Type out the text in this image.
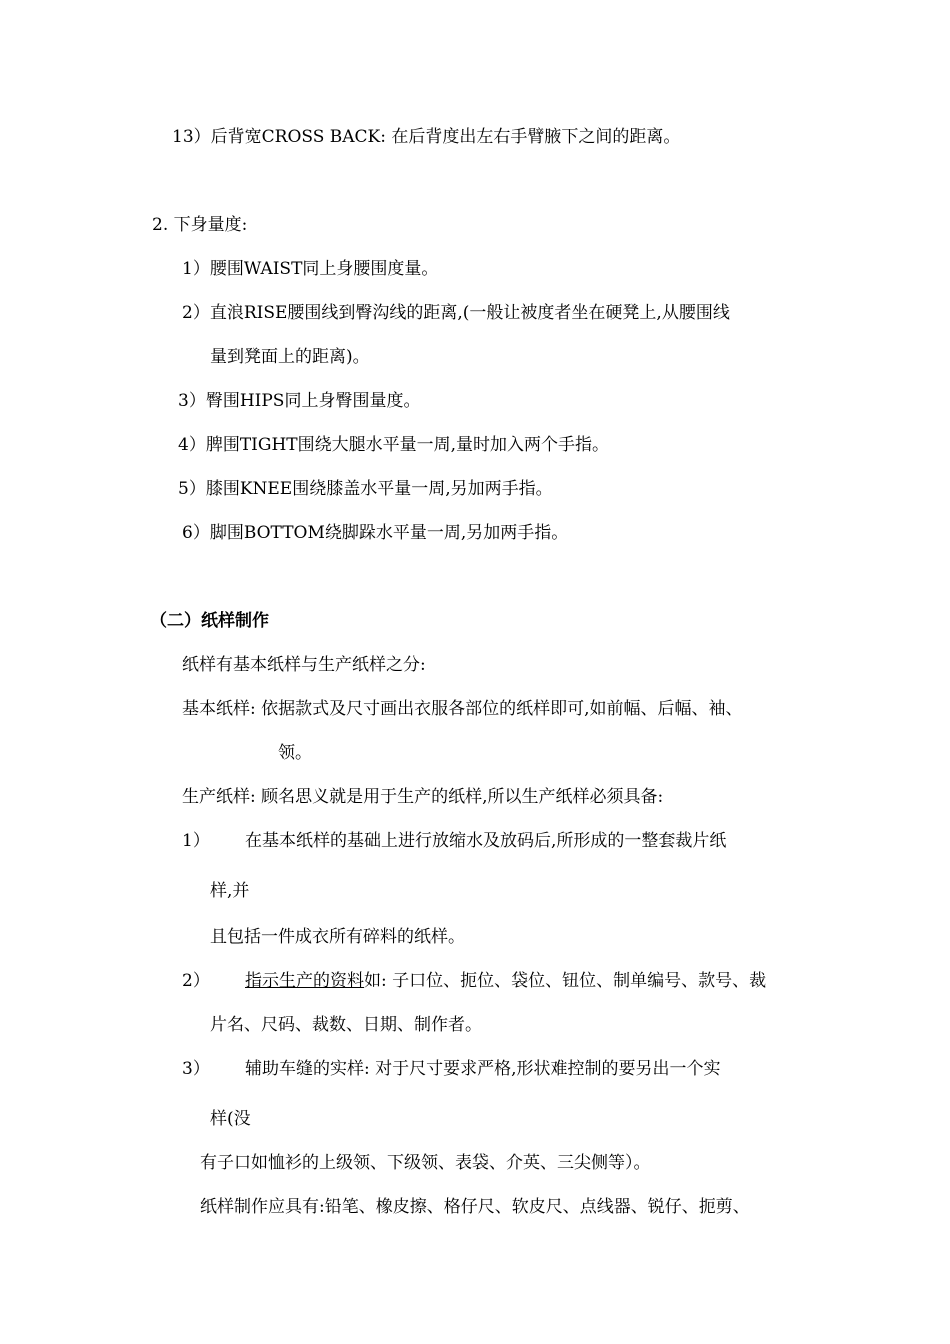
13）后背宽CROSS BACK: 在后背度出左右手臂腋下之间的距离。
2. 下身量度:
1）腰围WAIST同上身腰围度量。
2）直浪RISE腰围线到臀沟线的距离,(一般让被度者坐在硬凳上,从腰围线
量到凳面上的距离)。
3）臀围HIPS同上身臀围量度。
4）脾围TIGHT围绕大腿水平量一周,量时加入两个手指。
5）膝围KNEE围绕膝盖水平量一周,另加两手指。
6）脚围BOTTOM绕脚跺水平量一周,另加两手指。
（二）纸样制作
纸样有基本纸样与生产纸样之分:
基本纸样: 依据款式及尺寸画出衣服各部位的纸样即可,如前幅、后幅、袖、
领。
生产纸样: 顾名思义就是用于生产的纸样,所以生产纸样必须具备:
1） 在基本纸样的基础上进行放缩水及放码后,所形成的一整套裁片纸
样,并
且包括一件成衣所有碎料的纸样。
2） 指示生产的资料如: 子口位、扼位、袋位、钮位、制单编号、款号、裁
片名、尺码、裁数、日期、制作者。
3） 辅助车缝的实样: 对于尺寸要求严格,形状难控制的要另出一个实
样(没
有子口如恤衫的上级领、下级领、表袋、介英、三尖侧等）。
纸样制作应具有:铅笔、橡皮擦、格仔尺、软皮尺、点线器、锐仔、扼剪、
